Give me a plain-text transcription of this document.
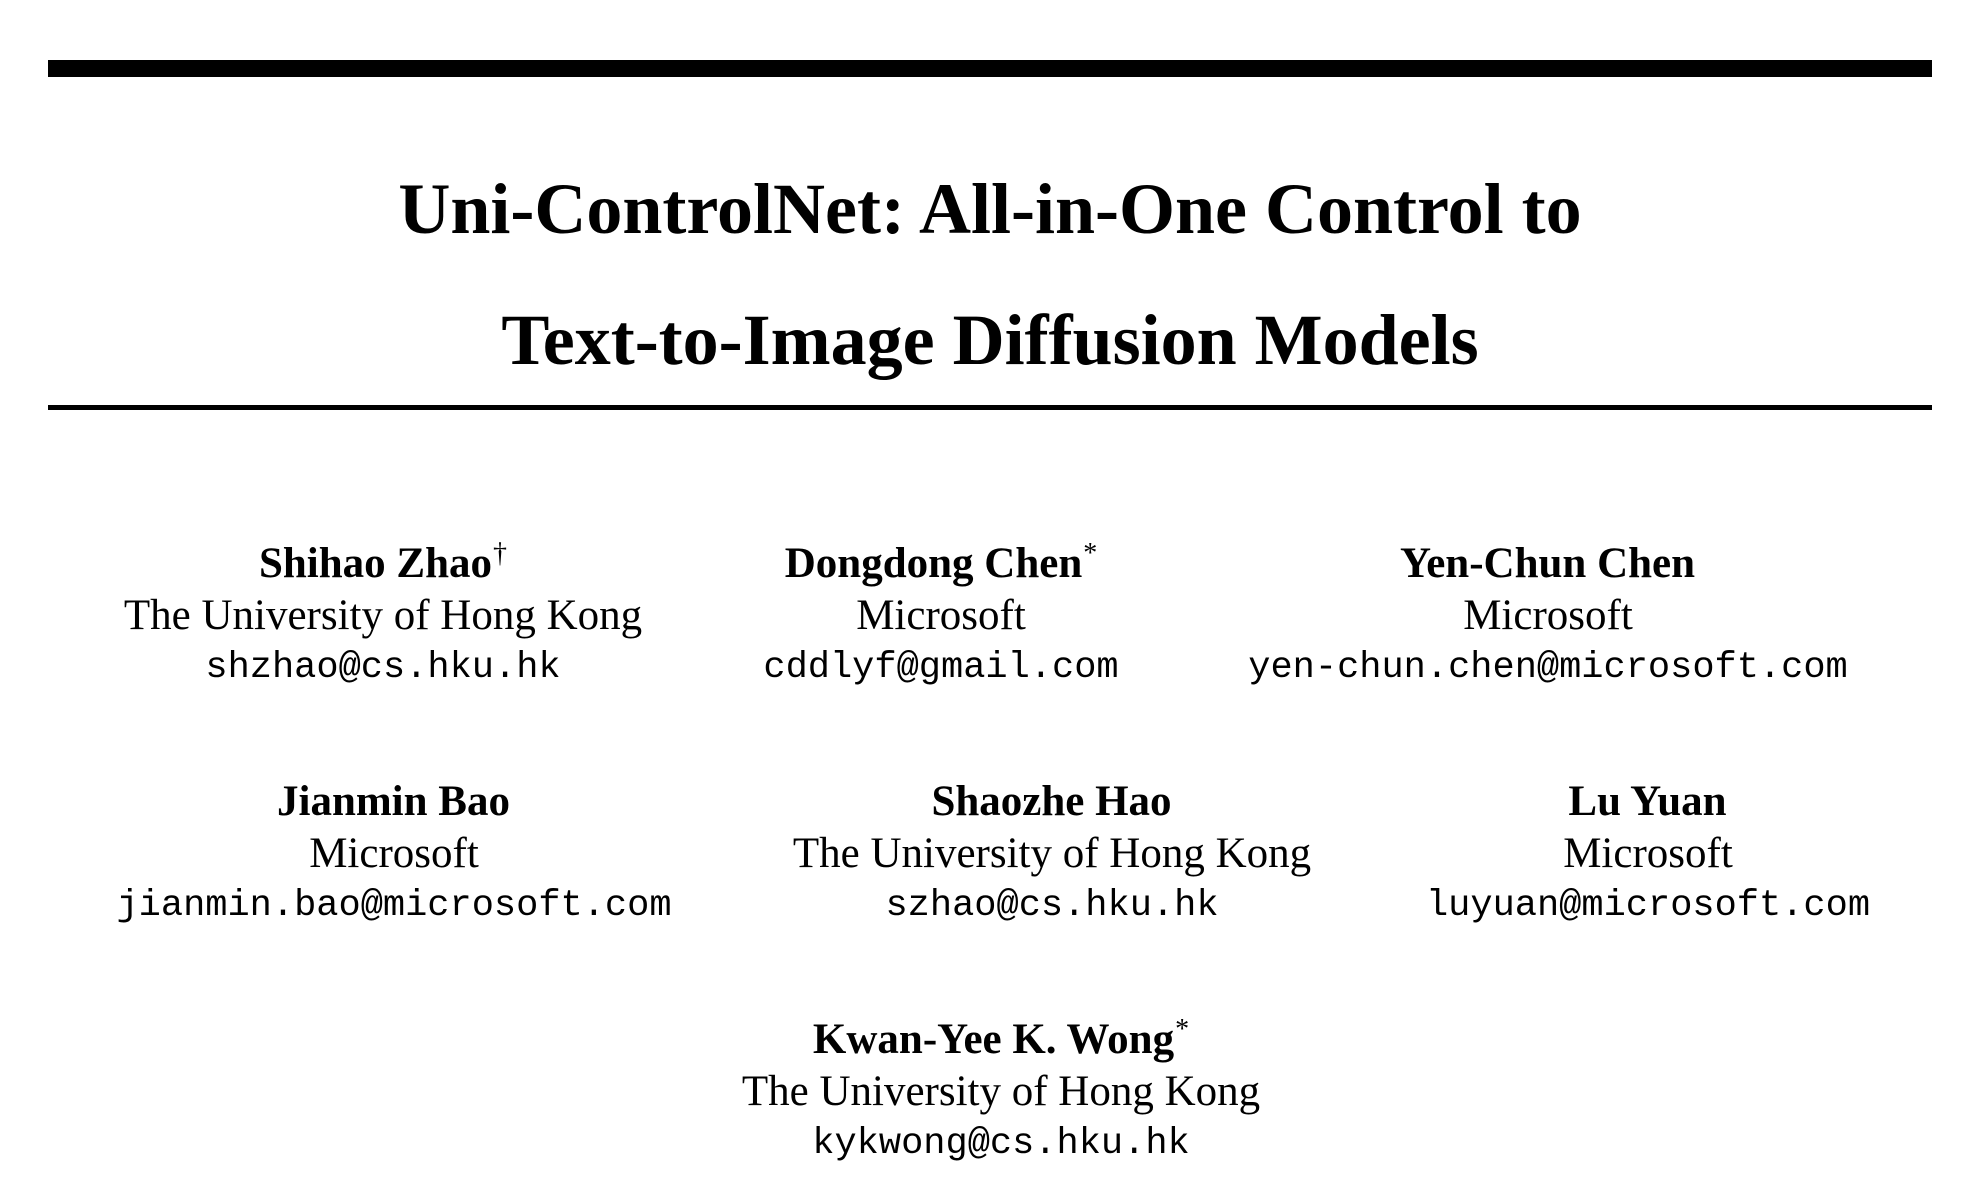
Uni-ControlNet: All-in-One Control to
Text-to-Image Diffusion Models
Shihao Zhao†
The University of Hong Kong
shzhao@cs.hku.hk
Dongdong Chen*
Microsoft
cddlyf@gmail.com
Yen-Chun Chen
Microsoft
yen-chun.chen@microsoft.com
Jianmin Bao
Microsoft
jianmin.bao@microsoft.com
Shaozhe Hao
The University of Hong Kong
szhao@cs.hku.hk
Lu Yuan
Microsoft
luyuan@microsoft.com
Kwan-Yee K. Wong*
The University of Hong Kong
kykwong@cs.hku.hk
